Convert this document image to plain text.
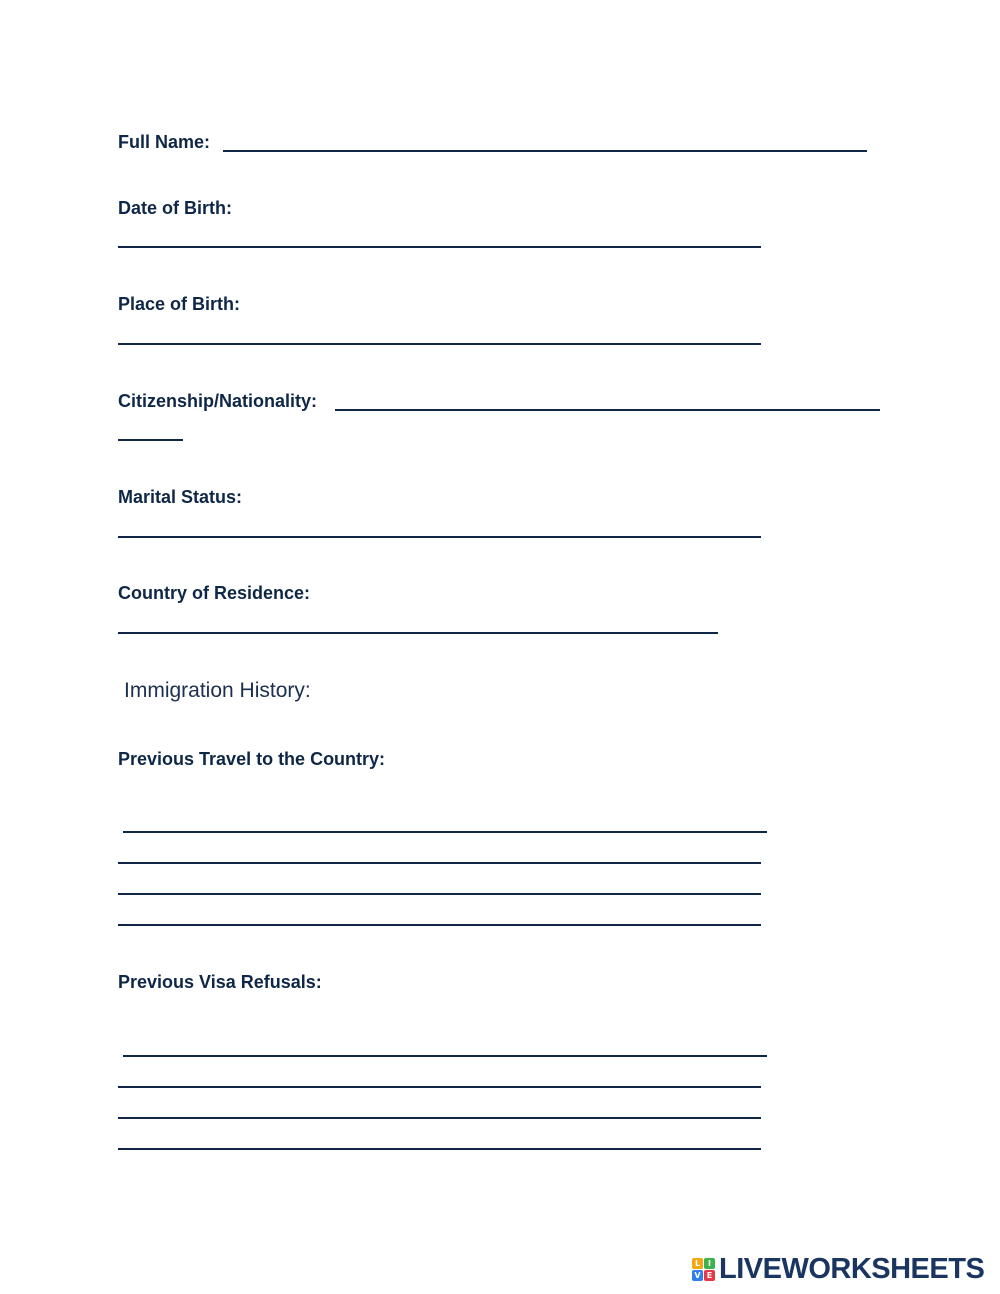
Full Name:
Date of Birth:
Place of Birth:
Citizenship/Nationality:
Marital Status:
Country of Residence:
Immigration History:
Previous Travel to the Country:
Previous Visa Refusals:
L I
V E LIVEWORKSHEETS
